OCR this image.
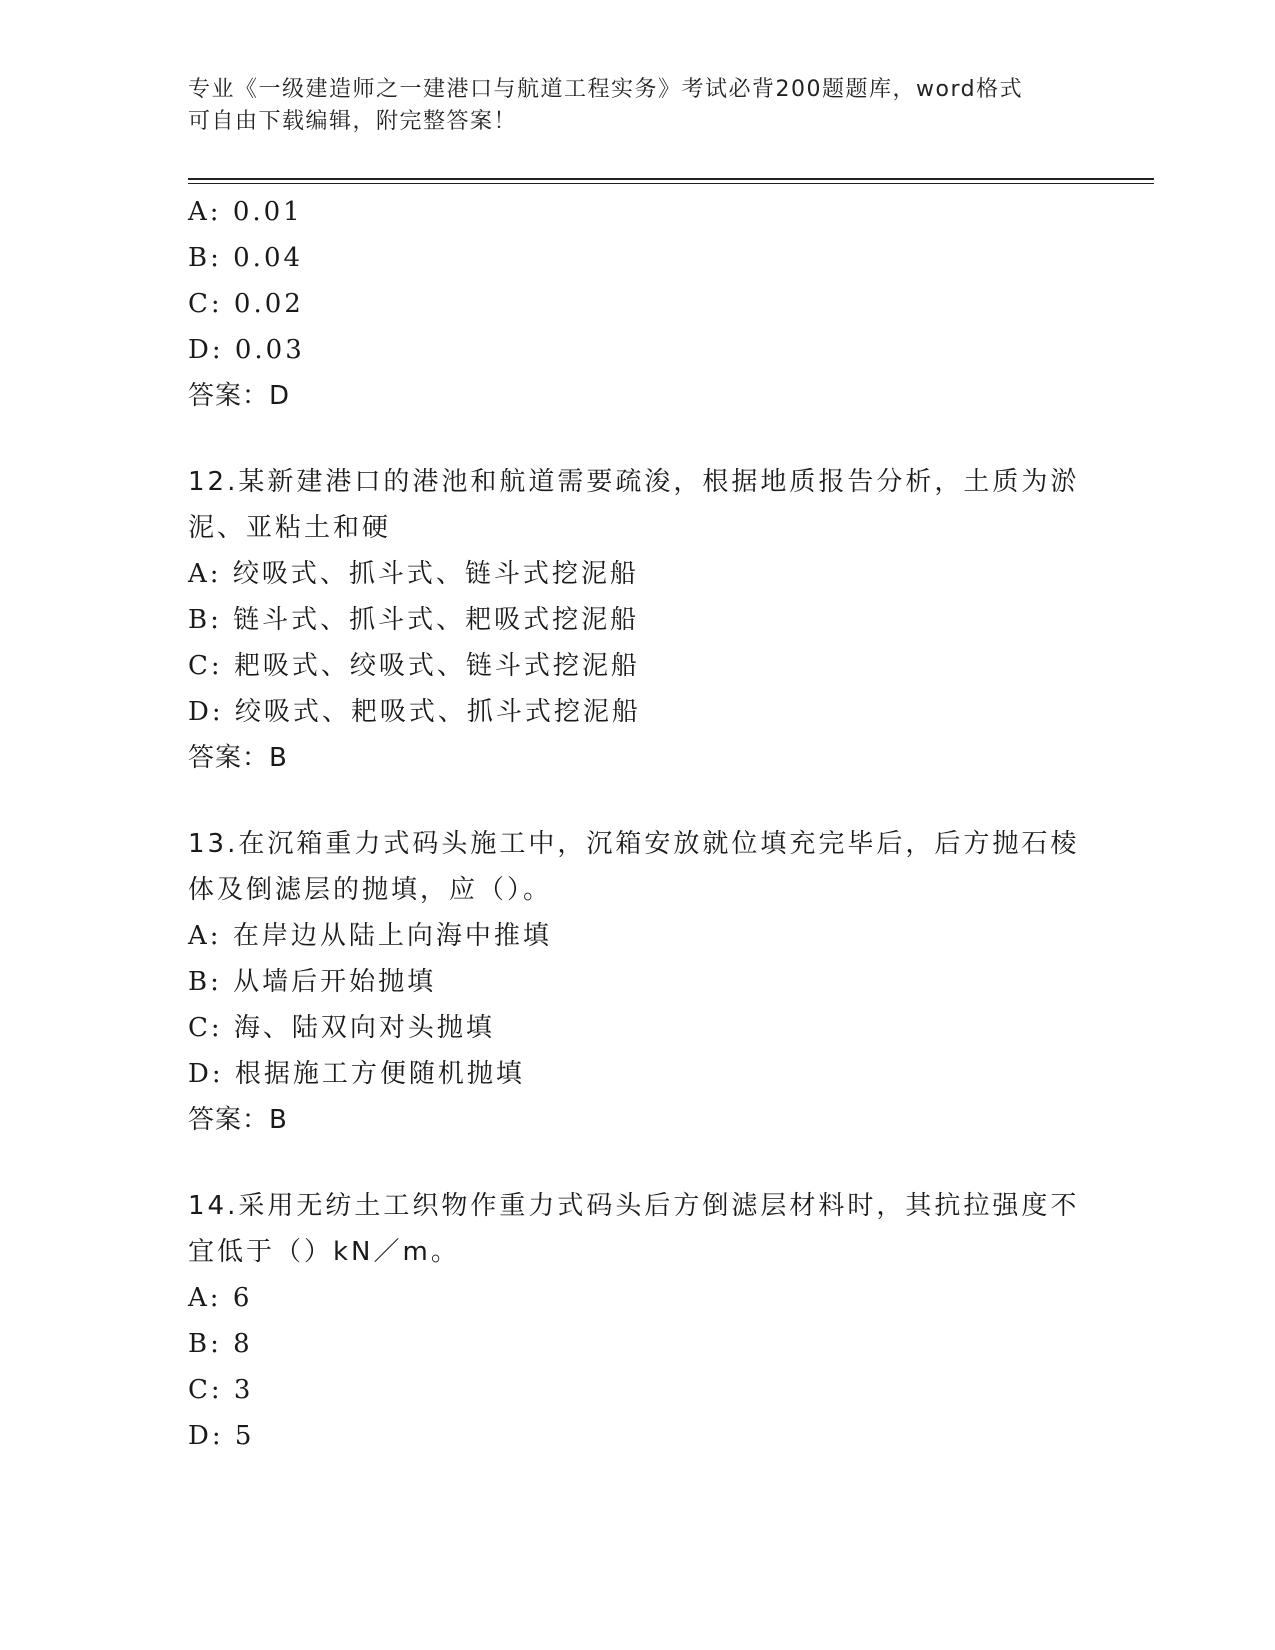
专业《一级建造师之一建港口与航道工程实务》考试必背200题题库，word格式
可自由下载编辑，附完整答案！
A: 0.01
B: 0.04
C: 0.02
D: 0.03
答案：D
12.某新建港口的港池和航道需要疏浚，根据地质报告分析，土质为淤
泥、亚粘土和硬
A: 绞吸式、抓斗式、链斗式挖泥船
B: 链斗式、抓斗式、耙吸式挖泥船
C: 耙吸式、绞吸式、链斗式挖泥船
D: 绞吸式、耙吸式、抓斗式挖泥船
答案：B
13.在沉箱重力式码头施工中，沉箱安放就位填充完毕后，后方抛石棱
体及倒滤层的抛填，应（）。
A: 在岸边从陆上向海中推填
B: 从墙后开始抛填
C: 海、陆双向对头抛填
D: 根据施工方便随机抛填
答案：B
14.采用无纺土工织物作重力式码头后方倒滤层材料时，其抗拉强度不
宜低于（）kN／m。
A: 6
B: 8
C: 3
D: 5
